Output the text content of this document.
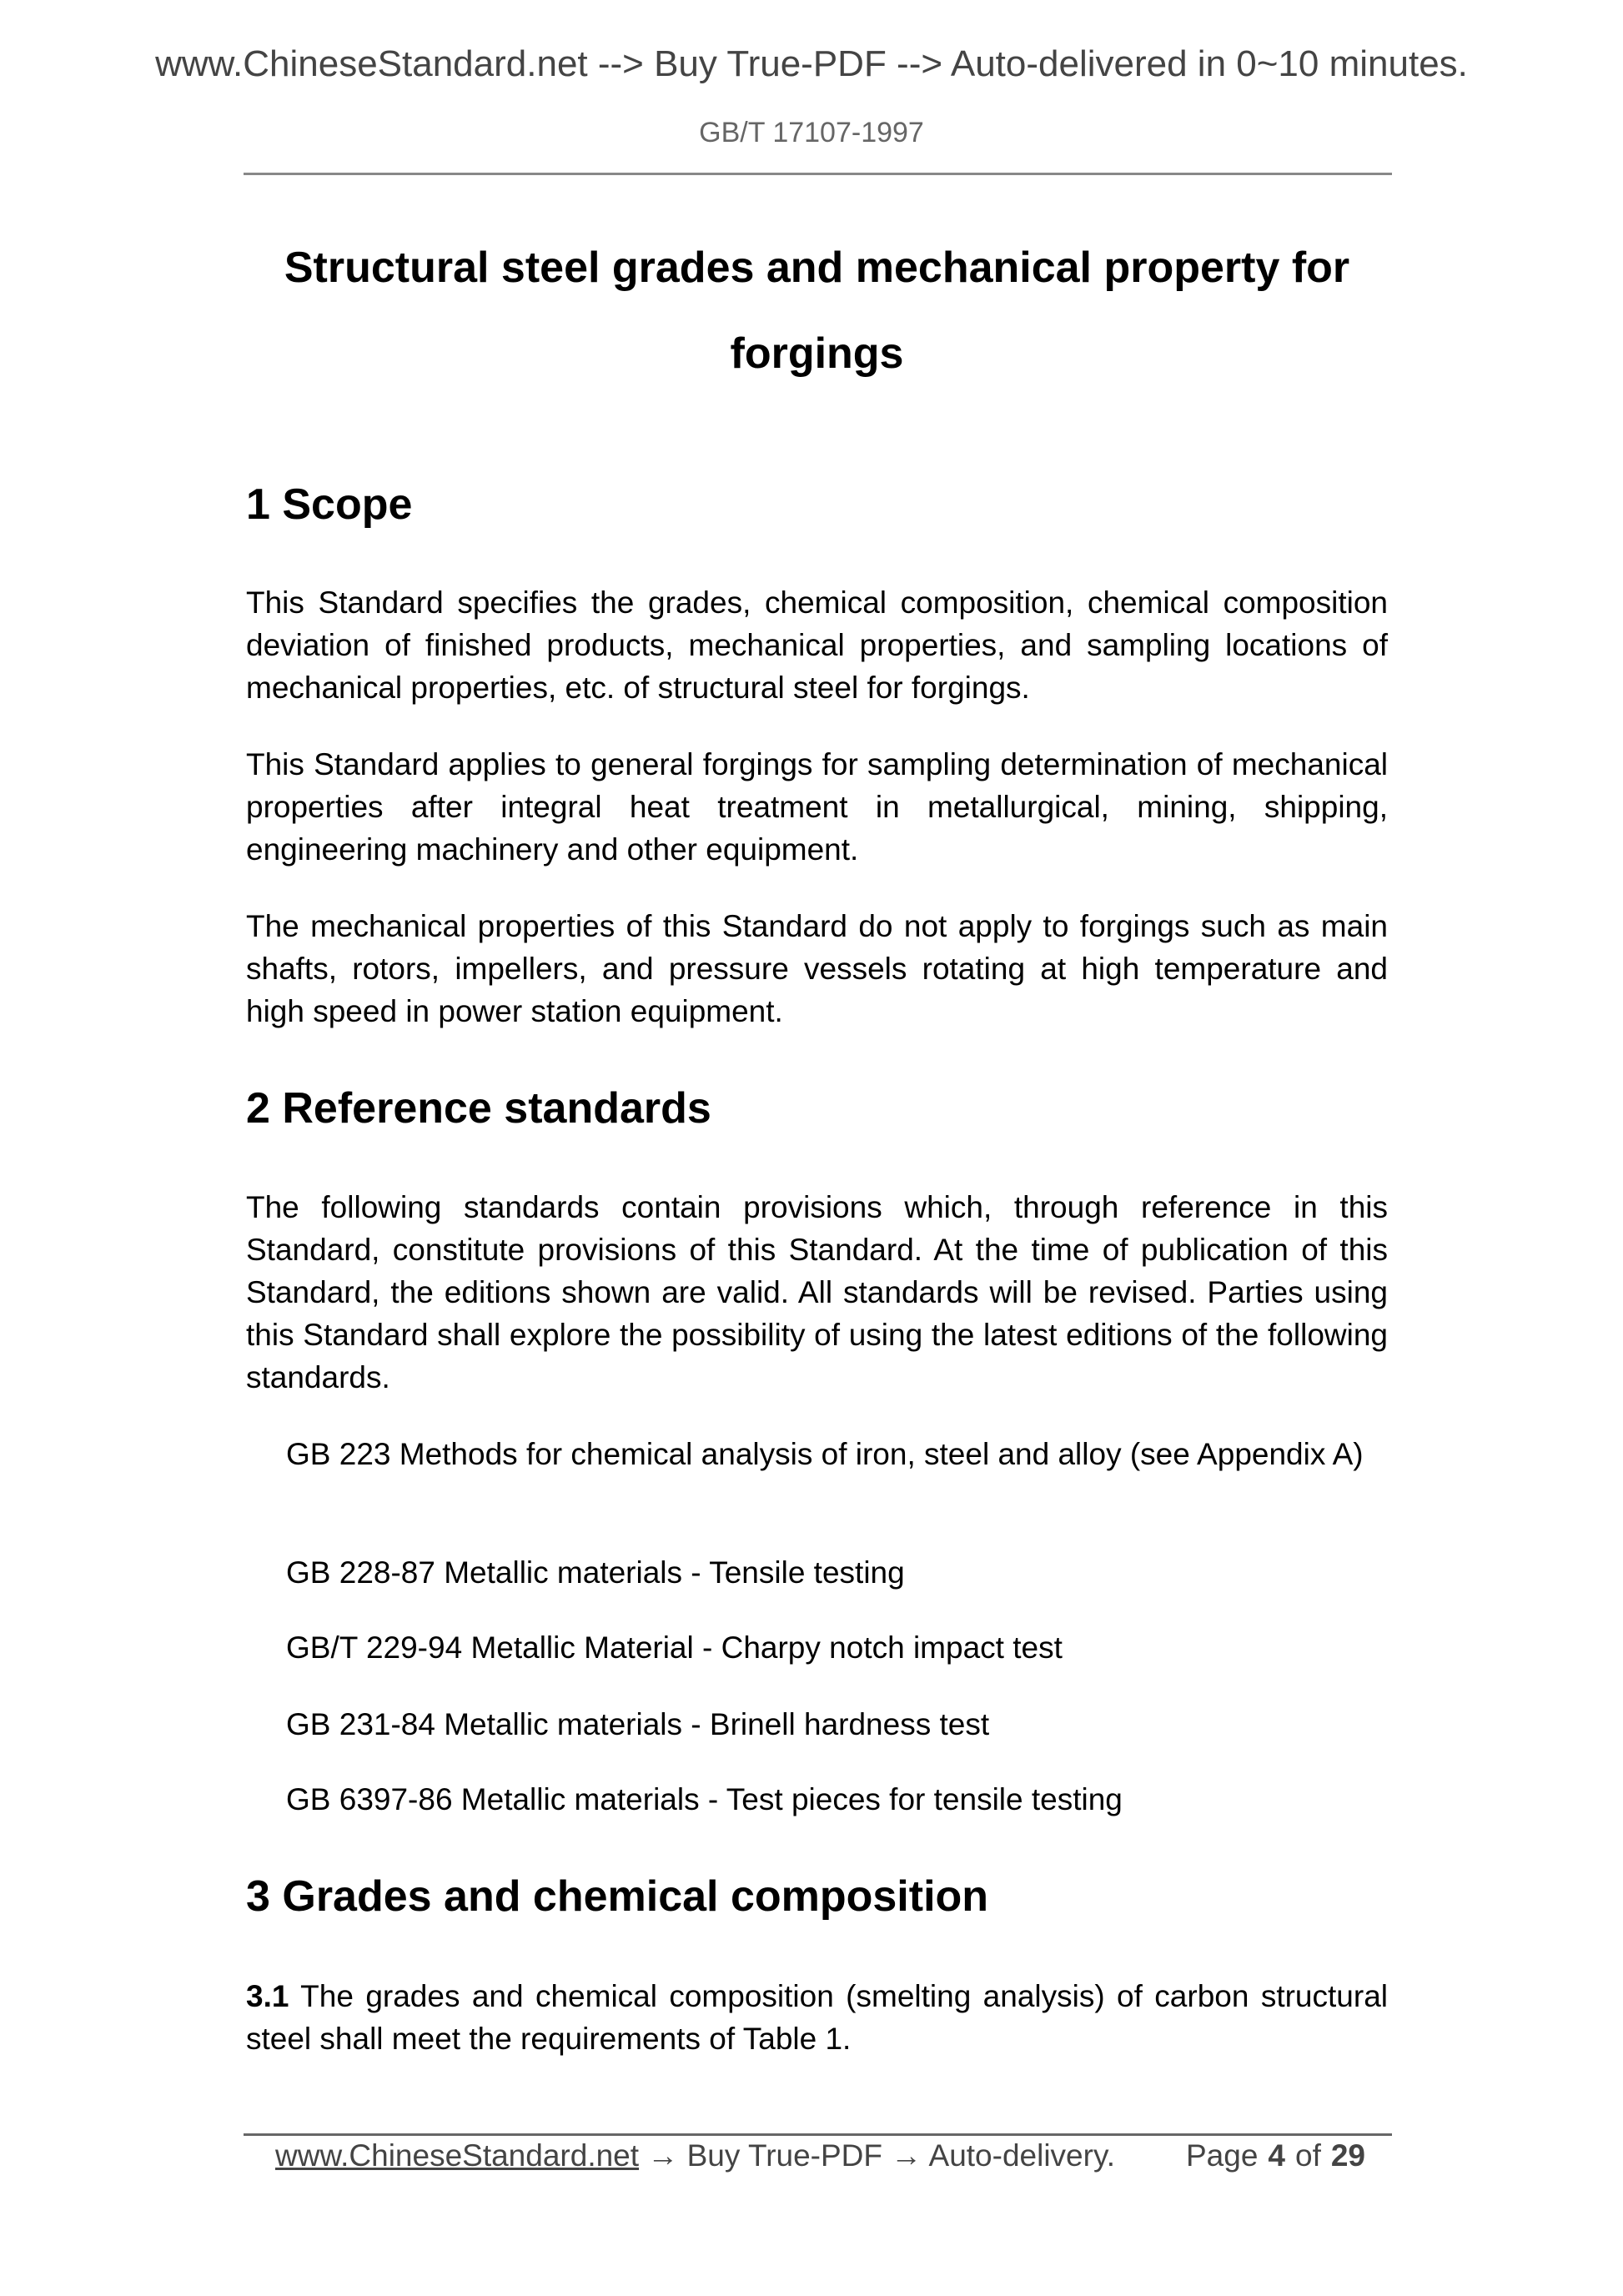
www.ChineseStandard.net --> Buy True-PDF --> Auto-delivered in 0~10 minutes.
GB/T 17107-1997
Structural steel grades and mechanical property for forgings
1 Scope
This Standard specifies the grades, chemical composition, chemical composition deviation of finished products, mechanical properties, and sampling locations of mechanical properties, etc. of structural steel for forgings.
This Standard applies to general forgings for sampling determination of mechanical properties after integral heat treatment in metallurgical, mining, shipping, engineering machinery and other equipment.
The mechanical properties of this Standard do not apply to forgings such as main shafts, rotors, impellers, and pressure vessels rotating at high temperature and high speed in power station equipment.
2 Reference standards
The following standards contain provisions which, through reference in this Standard, constitute provisions of this Standard. At the time of publication of this Standard, the editions shown are valid. All standards will be revised. Parties using this Standard shall explore the possibility of using the latest editions of the following standards.
GB 223 Methods for chemical analysis of iron, steel and alloy (see Appendix A)
GB 228-87 Metallic materials - Tensile testing
GB/T 229-94 Metallic Material - Charpy notch impact test
GB 231-84 Metallic materials - Brinell hardness test
GB 6397-86 Metallic materials - Test pieces for tensile testing
3 Grades and chemical composition
3.1 The grades and chemical composition (smelting analysis) of carbon structural steel shall meet the requirements of Table 1.
www.ChineseStandard.net → Buy True-PDF → Auto-delivery. Page 4 of 29
